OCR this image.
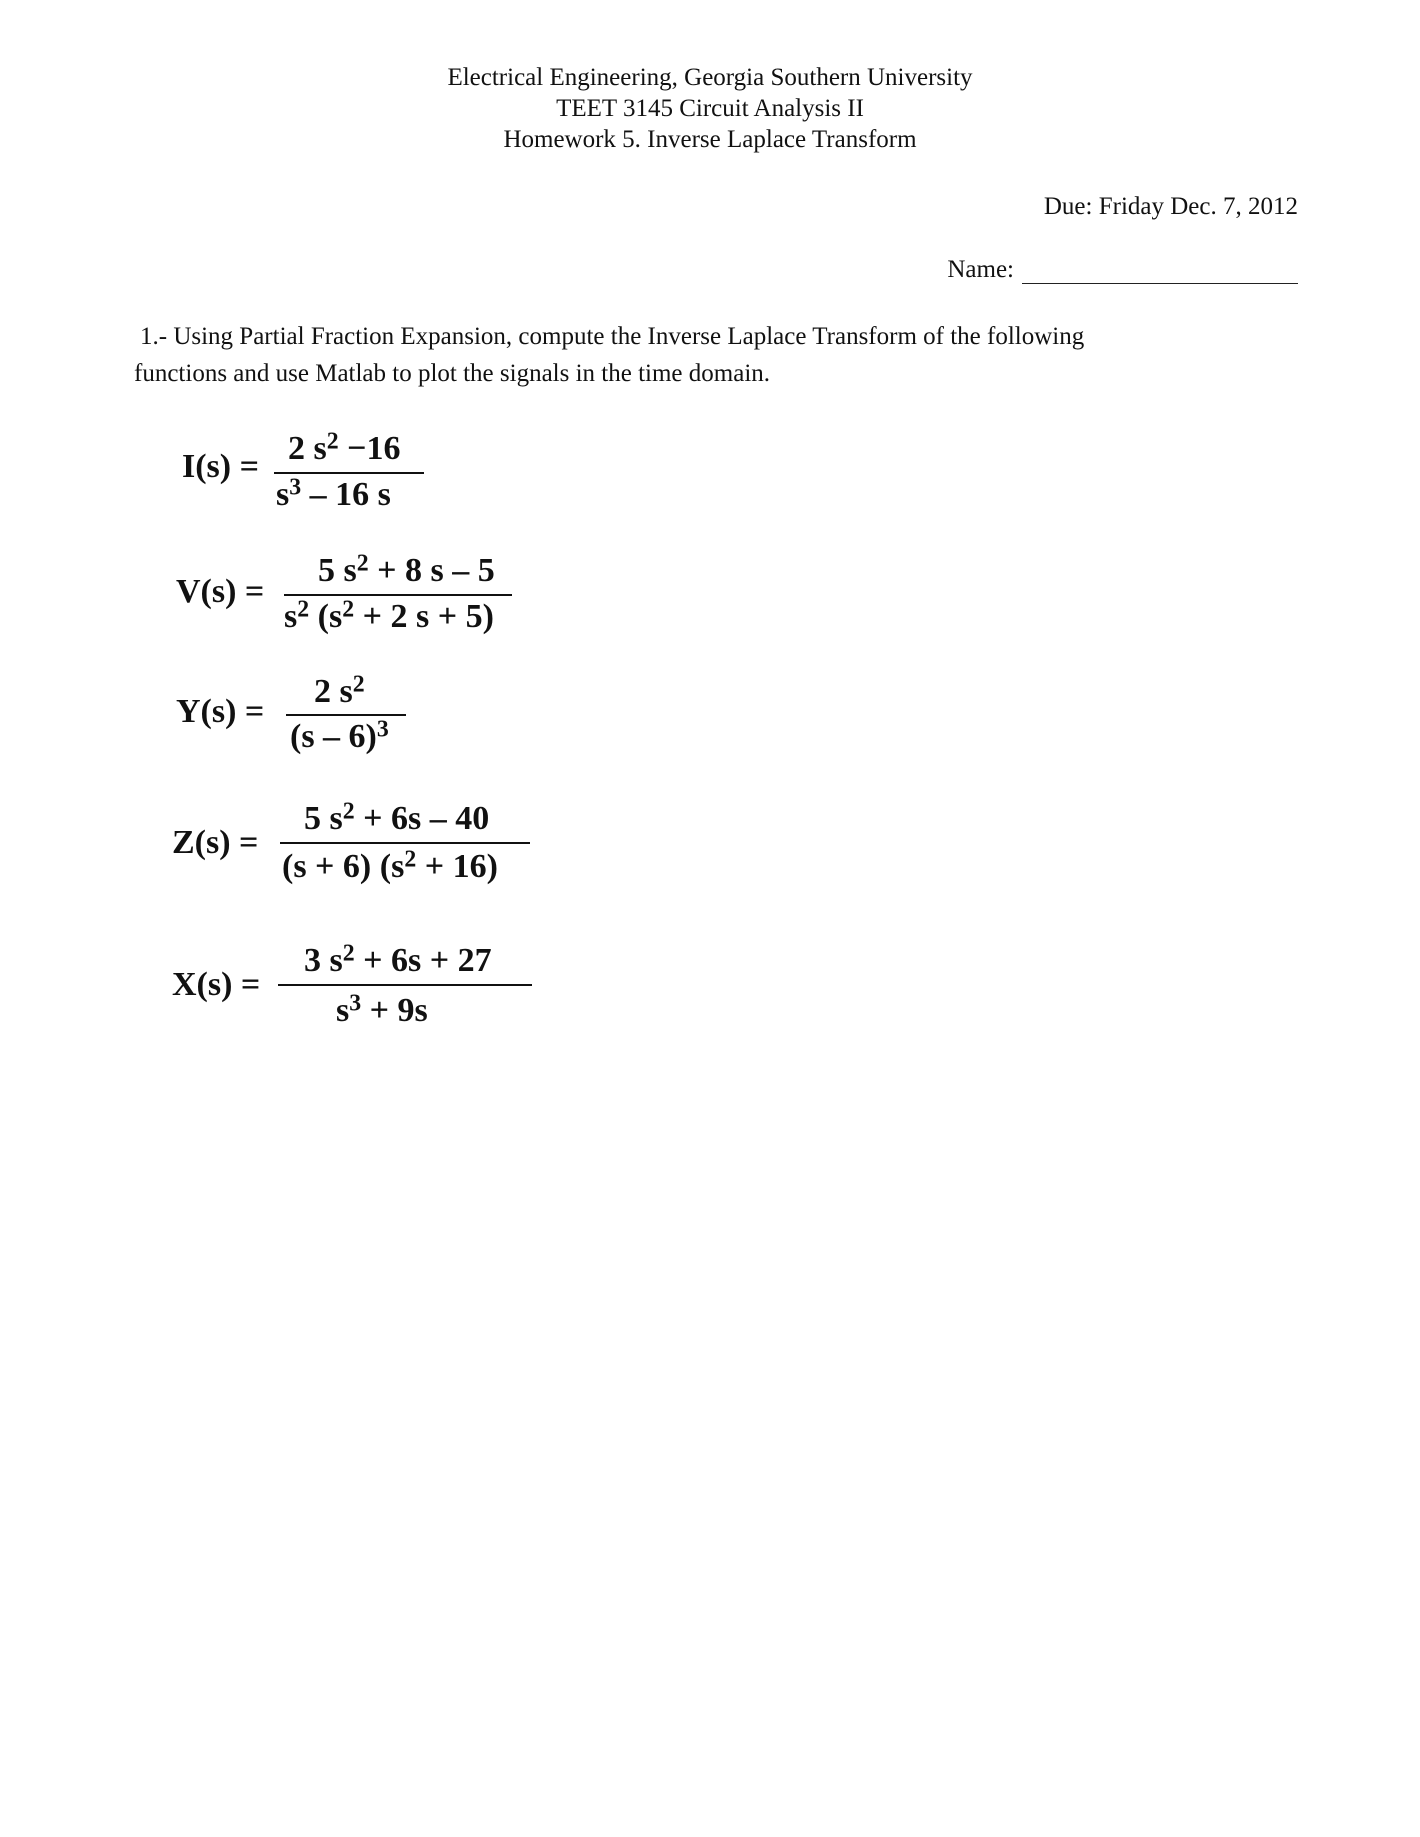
Electrical Engineering, Georgia Southern University
TEET 3145 Circuit Analysis II
Homework 5. Inverse Laplace Transform
Due: Friday Dec. 7, 2012
Name:
1.- Using Partial Fraction Expansion, compute the Inverse Laplace Transform of the following
functions and use Matlab to plot the signals in the time domain.
I(s) = 2 $s^2 -16$
$s^3 - 16$ s
V(s) =
5 $s^2 + 8$ s – 5
$s^2$ ($s^2 + 2$ s + 5)
Y(s) =
2 $s^2$
(s – 6)$^3$
Z(s) =
5 $s^2 + 6s - 40$
(s + 6) $(s^2 + 16)$
X(s) =
3 $s^2 + 6s + 27$
$s^3 + 9s$
